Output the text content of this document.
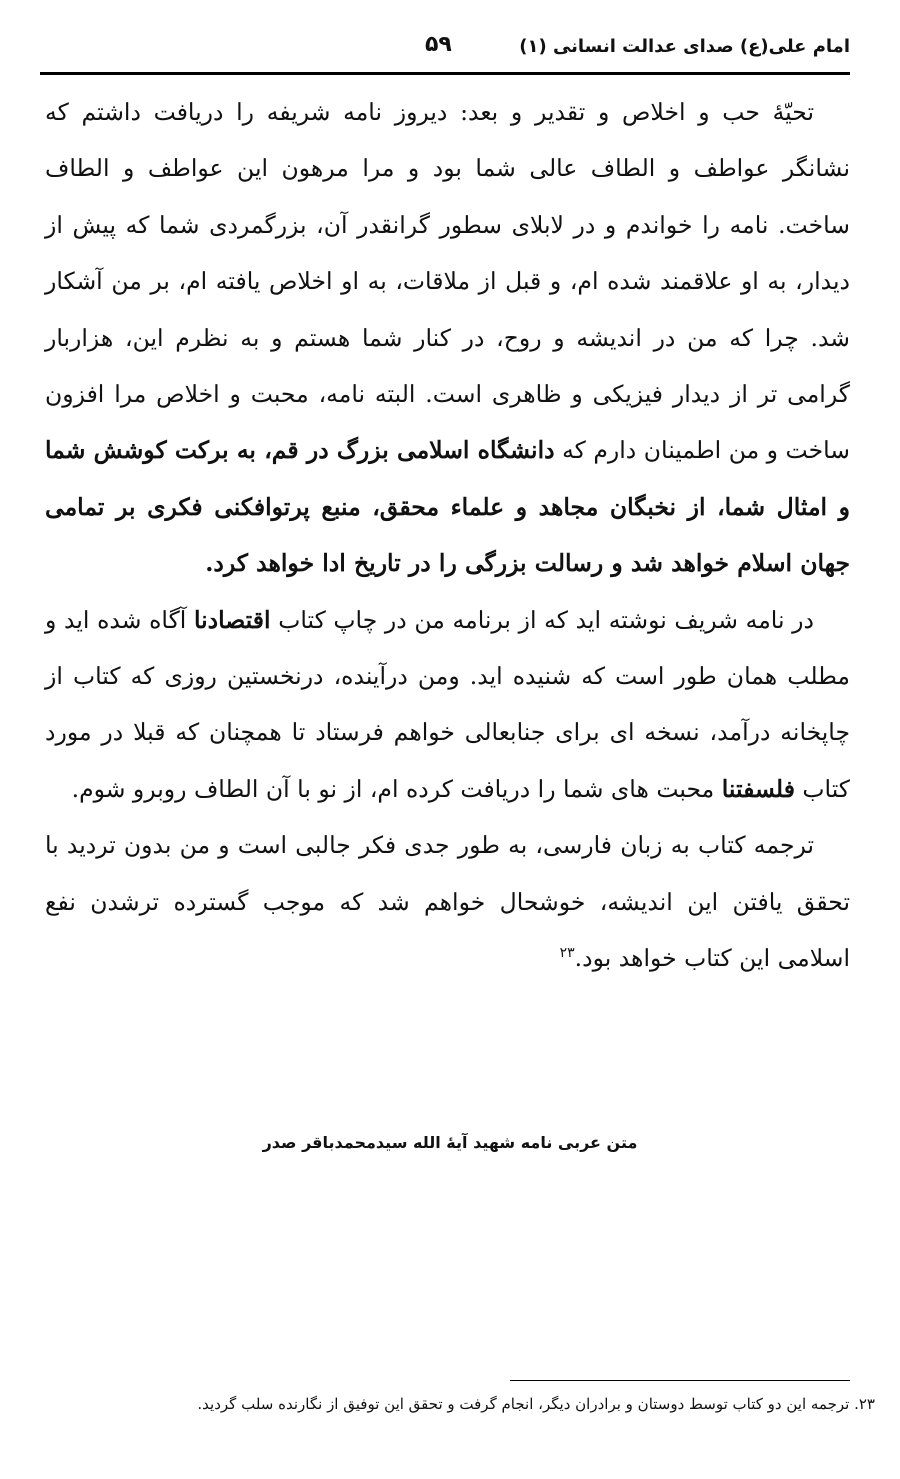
امام علی(ع) صدای عدالت انسانی (۱)
۵۹

تحیّهٔ حب و اخلاص و تقدیر و بعد: دیروز نامه شریفه را دریافت داشتم که نشانگر عواطف و الطاف عالی شما بود و مرا مرهون این عواطف و الطاف ساخت. نامه را خواندم و در لابلای سطور گرانقدر آن، بزرگمردی شما که پیش از دیدار، به او علاقمند شده ام، و قبل از ملاقات، به او اخلاص یافته ام، بر من آشکار شد. چرا که من در اندیشه و روح، در کنار شما هستم و به نظرم این، هزاربار گرامی تر از دیدار فیزیکی و ظاهری است. البته نامه، محبت و اخلاص مرا افزون ساخت و من اطمینان دارم که دانشگاه اسلامی بزرگ در قم، به برکت کوشش شما و امثال شما، از نخبگان مجاهد و علماء محقق، منبع پرتوافکنی فکری بر تمامی جهان اسلام خواهد شد و رسالت بزرگی را در تاریخ ادا خواهد کرد.

در نامه شریف نوشته اید که از برنامه من در چاپ کتاب اقتصادنا آگاه شده اید و مطلب همان طور است که شنیده اید. ومن درآینده، درنخستین روزی که کتاب از چاپخانه درآمد، نسخه ای برای جنابعالی خواهم فرستاد تا همچنان که قبلا در مورد کتاب فلسفتنا محبت های شما را دریافت کرده ام، از نو با آن الطاف روبرو شوم.

ترجمه کتاب به زبان فارسی، به طور جدی فکر جالبی است و من بدون تردید با تحقق یافتن این اندیشه، خوشحال خواهم شد که موجب گسترده ترشدن نفع اسلامی این کتاب خواهد بود.$^{۲۳}$

متن عربی نامه شهید آیهٔ الله سیدمحمدباقر صدر
۲۳. ترجمه این دو کتاب توسط دوستان و برادران دیگر، انجام گرفت و تحقق این توفیق از نگارنده سلب گردید.
